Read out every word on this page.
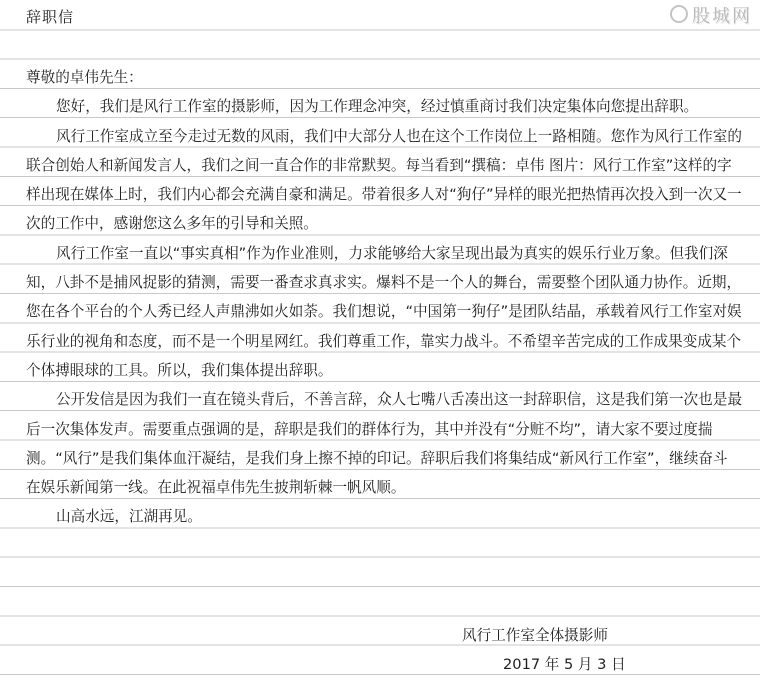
辞职信	股城网

尊敬的卓伟先生：

您好，我们是风行工作室的摄影师，因为工作理念冲突，经过慎重商讨我们决定集体向您提出辞职。

风行工作室成立至今走过无数的风雨，我们中大部分人也在这个工作岗位上一路相随。您作为风行工作室的联合创始人和新闻发言人，我们之间一直合作的非常默契。每当看到“撰稿：卓伟 图片：风行工作室”这样的字样出现在媒体上时，我们内心都会充满自豪和满足。带着很多人对“狗仔”异样的眼光把热情再次投入到一次又一次的工作中，感谢您这么多年的引导和关照。

风行工作室一直以“事实真相”作为作业准则，力求能够给大家呈现出最为真实的娱乐行业万象。但我们深知，八卦不是捕风捉影的猜测，需要一番查求真求实。爆料不是一个人的舞台，需要整个团队通力协作。近期，您在各个平台的个人秀已经人声鼎沸如火如荼。我们想说，“中国第一狗仔”是团队结晶，承载着风行工作室对娱乐行业的视角和态度，而不是一个明星网红。我们尊重工作，靠实力战斗。不希望辛苦完成的工作成果变成某个个体搏眼球的工具。所以，我们集体提出辞职。

公开发信是因为我们一直在镜头背后，不善言辞，众人七嘴八舌凑出这一封辞职信，这是我们第一次也是最后一次集体发声。需要重点强调的是，辞职是我们的群体行为，其中并没有“分赃不均”，请大家不要过度揣测。“风行”是我们集体血汗凝结，是我们身上擦不掉的印记。辞职后我们将集结成“新风行工作室”，继续奋斗在娱乐新闻第一线。在此祝福卓伟先生披荆斩棘一帆风顺。

山高水远，江湖再见。

风行工作室全体摄影师
2017 年 5 月 3 日
